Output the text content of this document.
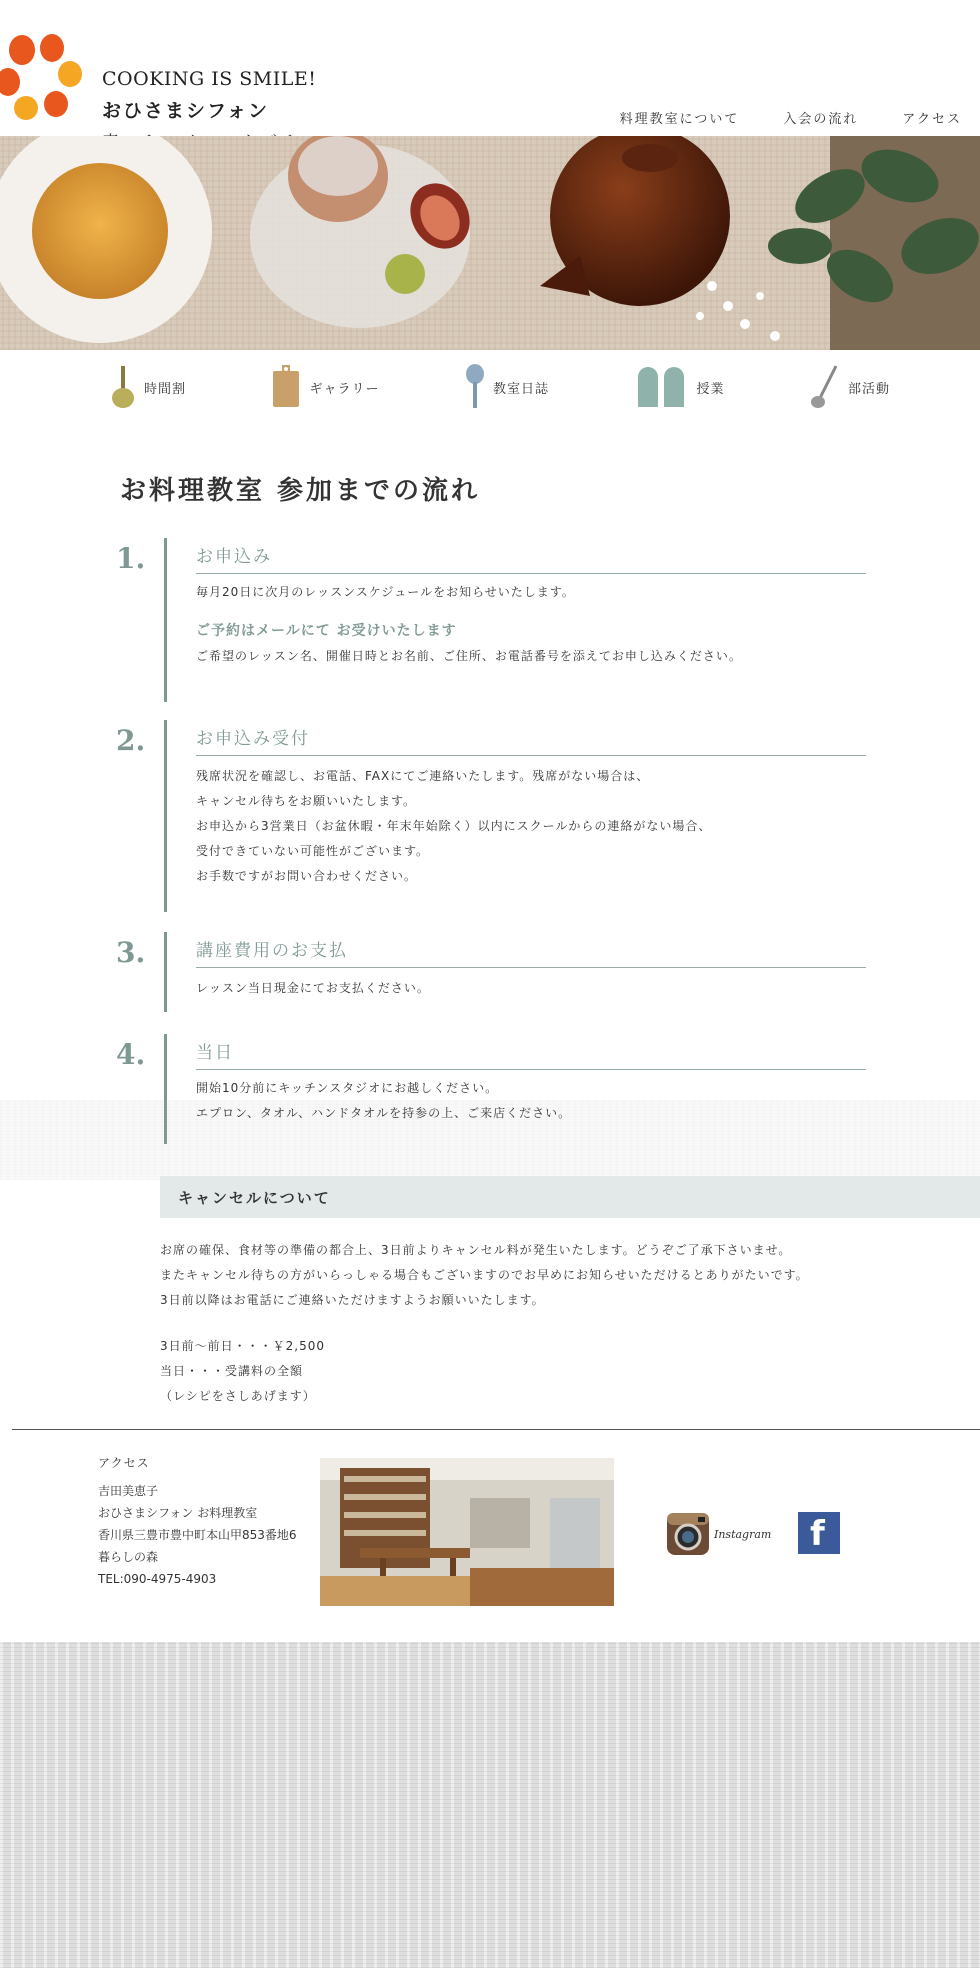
COOKING IS SMILE!
おひさまシフォン	料理教室について	入会の流れ	アクセス
時間割	ギャラリー	教室日誌	授業	部活動
お料理教室 参加までの流れ
1.	お申込み
毎月20日に次月のレッスンスケジュールをお知らせいたします。
ご予約はメールにて お受けいたします
ご希望のレッスン名、開催日時とお名前、ご住所、お電話番号を添えてお申し込みください。
2.	お申込み受付
残席状況を確認し、お電話、FAXにてご連絡いたします。残席がない場合は、
キャンセル待ちをお願いいたします。
お申込から3営業日（お盆休暇・年末年始除く）以内にスクールからの連絡がない場合、
受付できていない可能性がございます。
お手数ですがお問い合わせください。
3.	講座費用のお支払
レッスン当日現金にてお支払ください。
4.	当日
開始10分前にキッチンスタジオにお越しください。
エプロン、タオル、ハンドタオルを持参の上、ご来店ください。
キャンセルについて
お席の確保、食材等の準備の都合上、3日前よりキャンセル料が発生いたします。どうぞご了承下さいませ。
またキャンセル待ちの方がいらっしゃる場合もございますのでお早めにお知らせいただけるとありがたいです。
3日前以降はお電話にご連絡いただけますようお願いいたします。
3日前～前日・・・￥2,500
当日・・・受講料の全額
（レシピをさしあげます）
アクセス
吉田美恵子
おひさまシフォン お料理教室
香川県三豊市豊中町本山甲853番地6
暮らしの森
TEL:090-4975-4903
Instagram f
